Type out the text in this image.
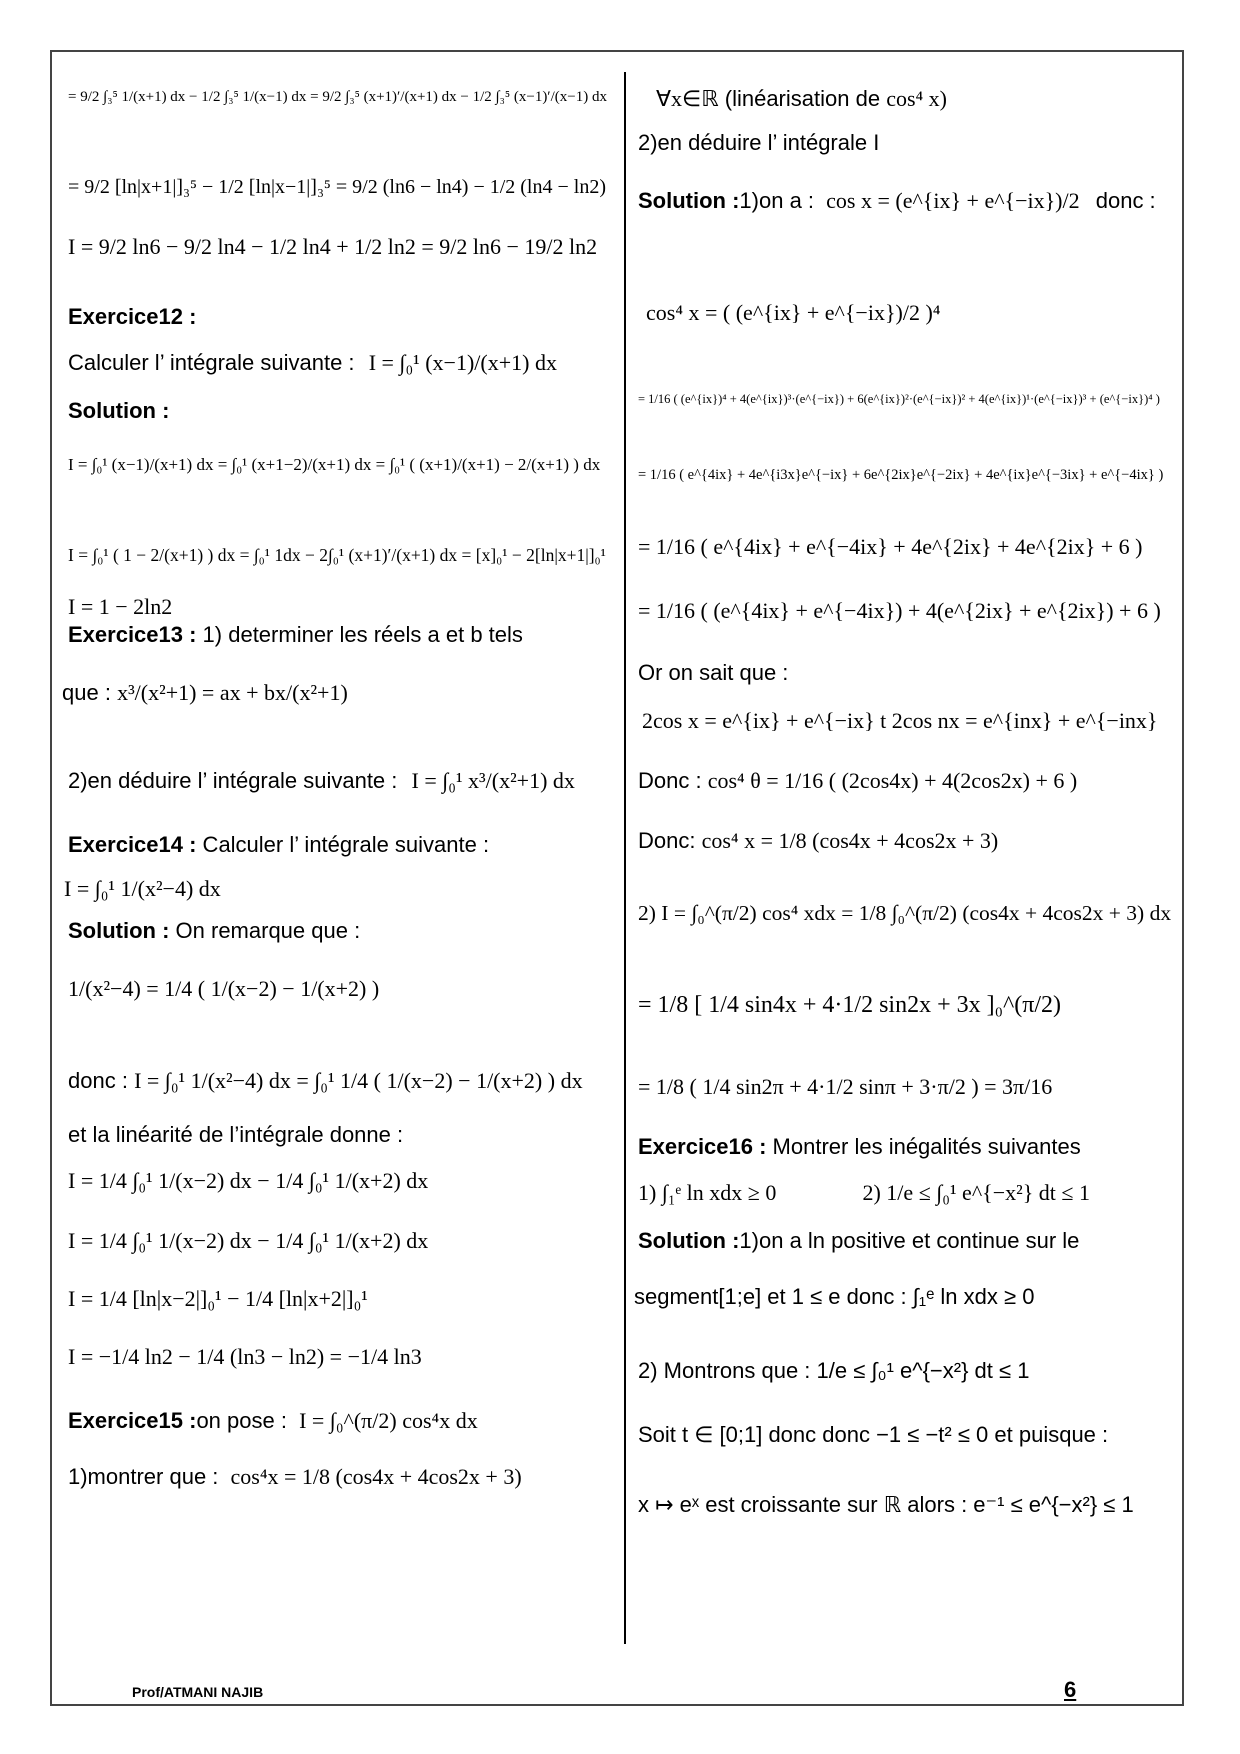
= 9/2 ∫₃⁵ 1/(x+1) dx − 1/2 ∫₃⁵ 1/(x−1) dx = 9/2 ∫₃⁵ (x+1)′/(x+1) dx − 1/2 ∫₃⁵ (x−1)′/(x−1) dx
= 9/2 [ln|x+1|]₃⁵ − 1/2 [ln|x−1|]₃⁵ = 9/2 (ln6 − ln4) − 1/2 (ln4 − ln2)
I = 9/2 ln6 − 9/2 ln4 − 1/2 ln4 + 1/2 ln2 = 9/2 ln6 − 19/2 ln2
Exercice12 :
Calculer l’ intégrale suivante : I = ∫₀¹ (x−1)/(x+1) dx
Solution :
I = ∫₀¹ (x−1)/(x+1) dx = ∫₀¹ (x+1−2)/(x+1) dx = ∫₀¹ ( (x+1)/(x+1) − 2/(x+1) ) dx
I = ∫₀¹ ( 1 − 2/(x+1) ) dx = ∫₀¹ 1dx − 2∫₀¹ (x+1)′/(x+1) dx = [x]₀¹ − 2[ln|x+1|]₀¹
I = 1 − 2ln2
Exercice13 : 1) determiner les réels a et b tels
que : x³/(x²+1) = ax + bx/(x²+1)
2)en déduire l’ intégrale suivante : I = ∫₀¹ x³/(x²+1) dx
Exercice14 : Calculer l’ intégrale suivante :
I = ∫₀¹ 1/(x²−4) dx
Solution : On remarque que :
1/(x²−4) = 1/4 ( 1/(x−2) − 1/(x+2) )
donc : I = ∫₀¹ 1/(x²−4) dx = ∫₀¹ 1/4 ( 1/(x−2) − 1/(x+2) ) dx
et la linéarité de l’intégrale donne :
I = 1/4 ∫₀¹ 1/(x−2) dx − 1/4 ∫₀¹ 1/(x+2) dx
I = 1/4 ∫₀¹ 1/(x−2) dx − 1/4 ∫₀¹ 1/(x+2) dx
I = 1/4 [ln|x−2|]₀¹ − 1/4 [ln|x+2|]₀¹
I = −1/4 ln2 − 1/4 (ln3 − ln2) = −1/4 ln3
Exercice15 :on pose : I = ∫₀^(π/2) cos⁴x dx
1)montrer que : cos⁴x = 1/8 (cos4x + 4cos2x + 3)
∀x∈ℝ (linéarisation de cos⁴ x)
2)en déduire l’ intégrale I
Solution :1)on a : cos x = (e^{ix} + e^{−ix})/2 donc :
cos⁴ x = ( (e^{ix} + e^{−ix})/2 )⁴
= 1/16 ( (e^{ix})⁴ + 4(e^{ix})³·(e^{−ix}) + 6(e^{ix})²·(e^{−ix})² + 4(e^{ix})¹·(e^{−ix})³ + (e^{−ix})⁴ )
= 1/16 ( e^{4ix} + 4e^{i3x}e^{−ix} + 6e^{2ix}e^{−2ix} + 4e^{ix}e^{−3ix} + e^{−4ix} )
= 1/16 ( e^{4ix} + e^{−4ix} + 4e^{2ix} + 4e^{2ix} + 6 )
= 1/16 ( (e^{4ix} + e^{−4ix}) + 4(e^{2ix} + e^{2ix}) + 6 )
Or on sait que :
2cos x = e^{ix} + e^{−ix} t 2cos nx = e^{inx} + e^{−inx}
Donc : cos⁴ θ = 1/16 ( (2cos4x) + 4(2cos2x) + 6 )
Donc: cos⁴ x = 1/8 (cos4x + 4cos2x + 3)
2) I = ∫₀^(π/2) cos⁴ xdx = 1/8 ∫₀^(π/2) (cos4x + 4cos2x + 3) dx
= 1/8 [ 1/4 sin4x + 4·1/2 sin2x + 3x ]₀^(π/2)
= 1/8 ( 1/4 sin2π + 4·1/2 sinπ + 3·π/2 ) = 3π/16
Exercice16 : Montrer les inégalités suivantes
1) ∫₁ᵉ ln xdx ≥ 0	2) 1/e ≤ ∫₀¹ e^{−x²} dt ≤ 1
Solution :1)on a ln positive et continue sur le
segment[1;e] et 1 ≤ e donc : ∫₁ᵉ ln xdx ≥ 0
2) Montrons que : 1/e ≤ ∫₀¹ e^{−x²} dt ≤ 1
Soit t ∈ [0;1] donc donc −1 ≤ −t² ≤ 0 et puisque :
x ↦ eˣ est croissante sur ℝ alors : e⁻¹ ≤ e^{−x²} ≤ 1
Prof/ATMANI NAJIB	6
